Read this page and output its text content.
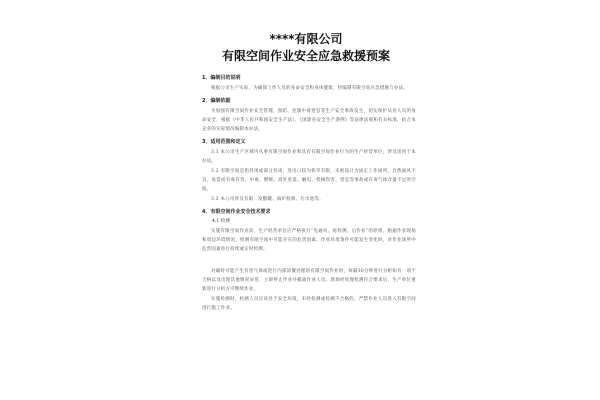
****有限公司
有限空间作业安全应急救援预案
1．编制目的说明
根据公司生产实际，为确保工作人员的身命安全和身体健康，特编制有限空间应急措施与办法。
2．编制依据
为加强有限空间作业安全管理，预防、控制中毒窒息等生产安全事故发生，切实保护从业人员的身命安全，根据《中华人民共和国安全生产法》、《国建省安全生产条例》等法律法规和有关标准，结合本企业的实际情况编制本办法。
3．适用范围和定义
3.1 本公司生产区域内从事有限空间作业和具有有限空间作业行为的生产经营单位，涉及适用于本办法。
3.2 有限空间是指封闭或部分封闭，进出口较为狭窄有限，未被设计为固定工作场所，自然通风不良，易造成有毒有害、中毒、燃爆、高处坠落、触电、机械伤害、窒息等事故或有毒气体含量不足的空间。
3.3 本公司涉及有限：发酵罐、锅炉检修、污水池等。
4．有限空间作业安全技术要求
4.1 检测
实施有限空间作业前，生产经营单位应严格执行“先通风、再检测、后作业”的原则。根据作业现场和周边环境情况，检测有限空间中可能存在的危害因素。作业环境条件可能发生变化时，对作业场所中危害因素进行持续或定时检测。
对确时可能产生有害气体或进行内部涂覆处理的有限空间作业时，每隔30分钟进行分析如有一项不合格以及出现其他情况异常，立即停止作业并撤离作业人员。现场经处理检测符合要求后，生产单位重新进行分析方可继续作业。
实施检测时，检测人员应该处于安全环境，未经检测或检测不合格的，严禁作业人员进入有限空间进行施工作业。
